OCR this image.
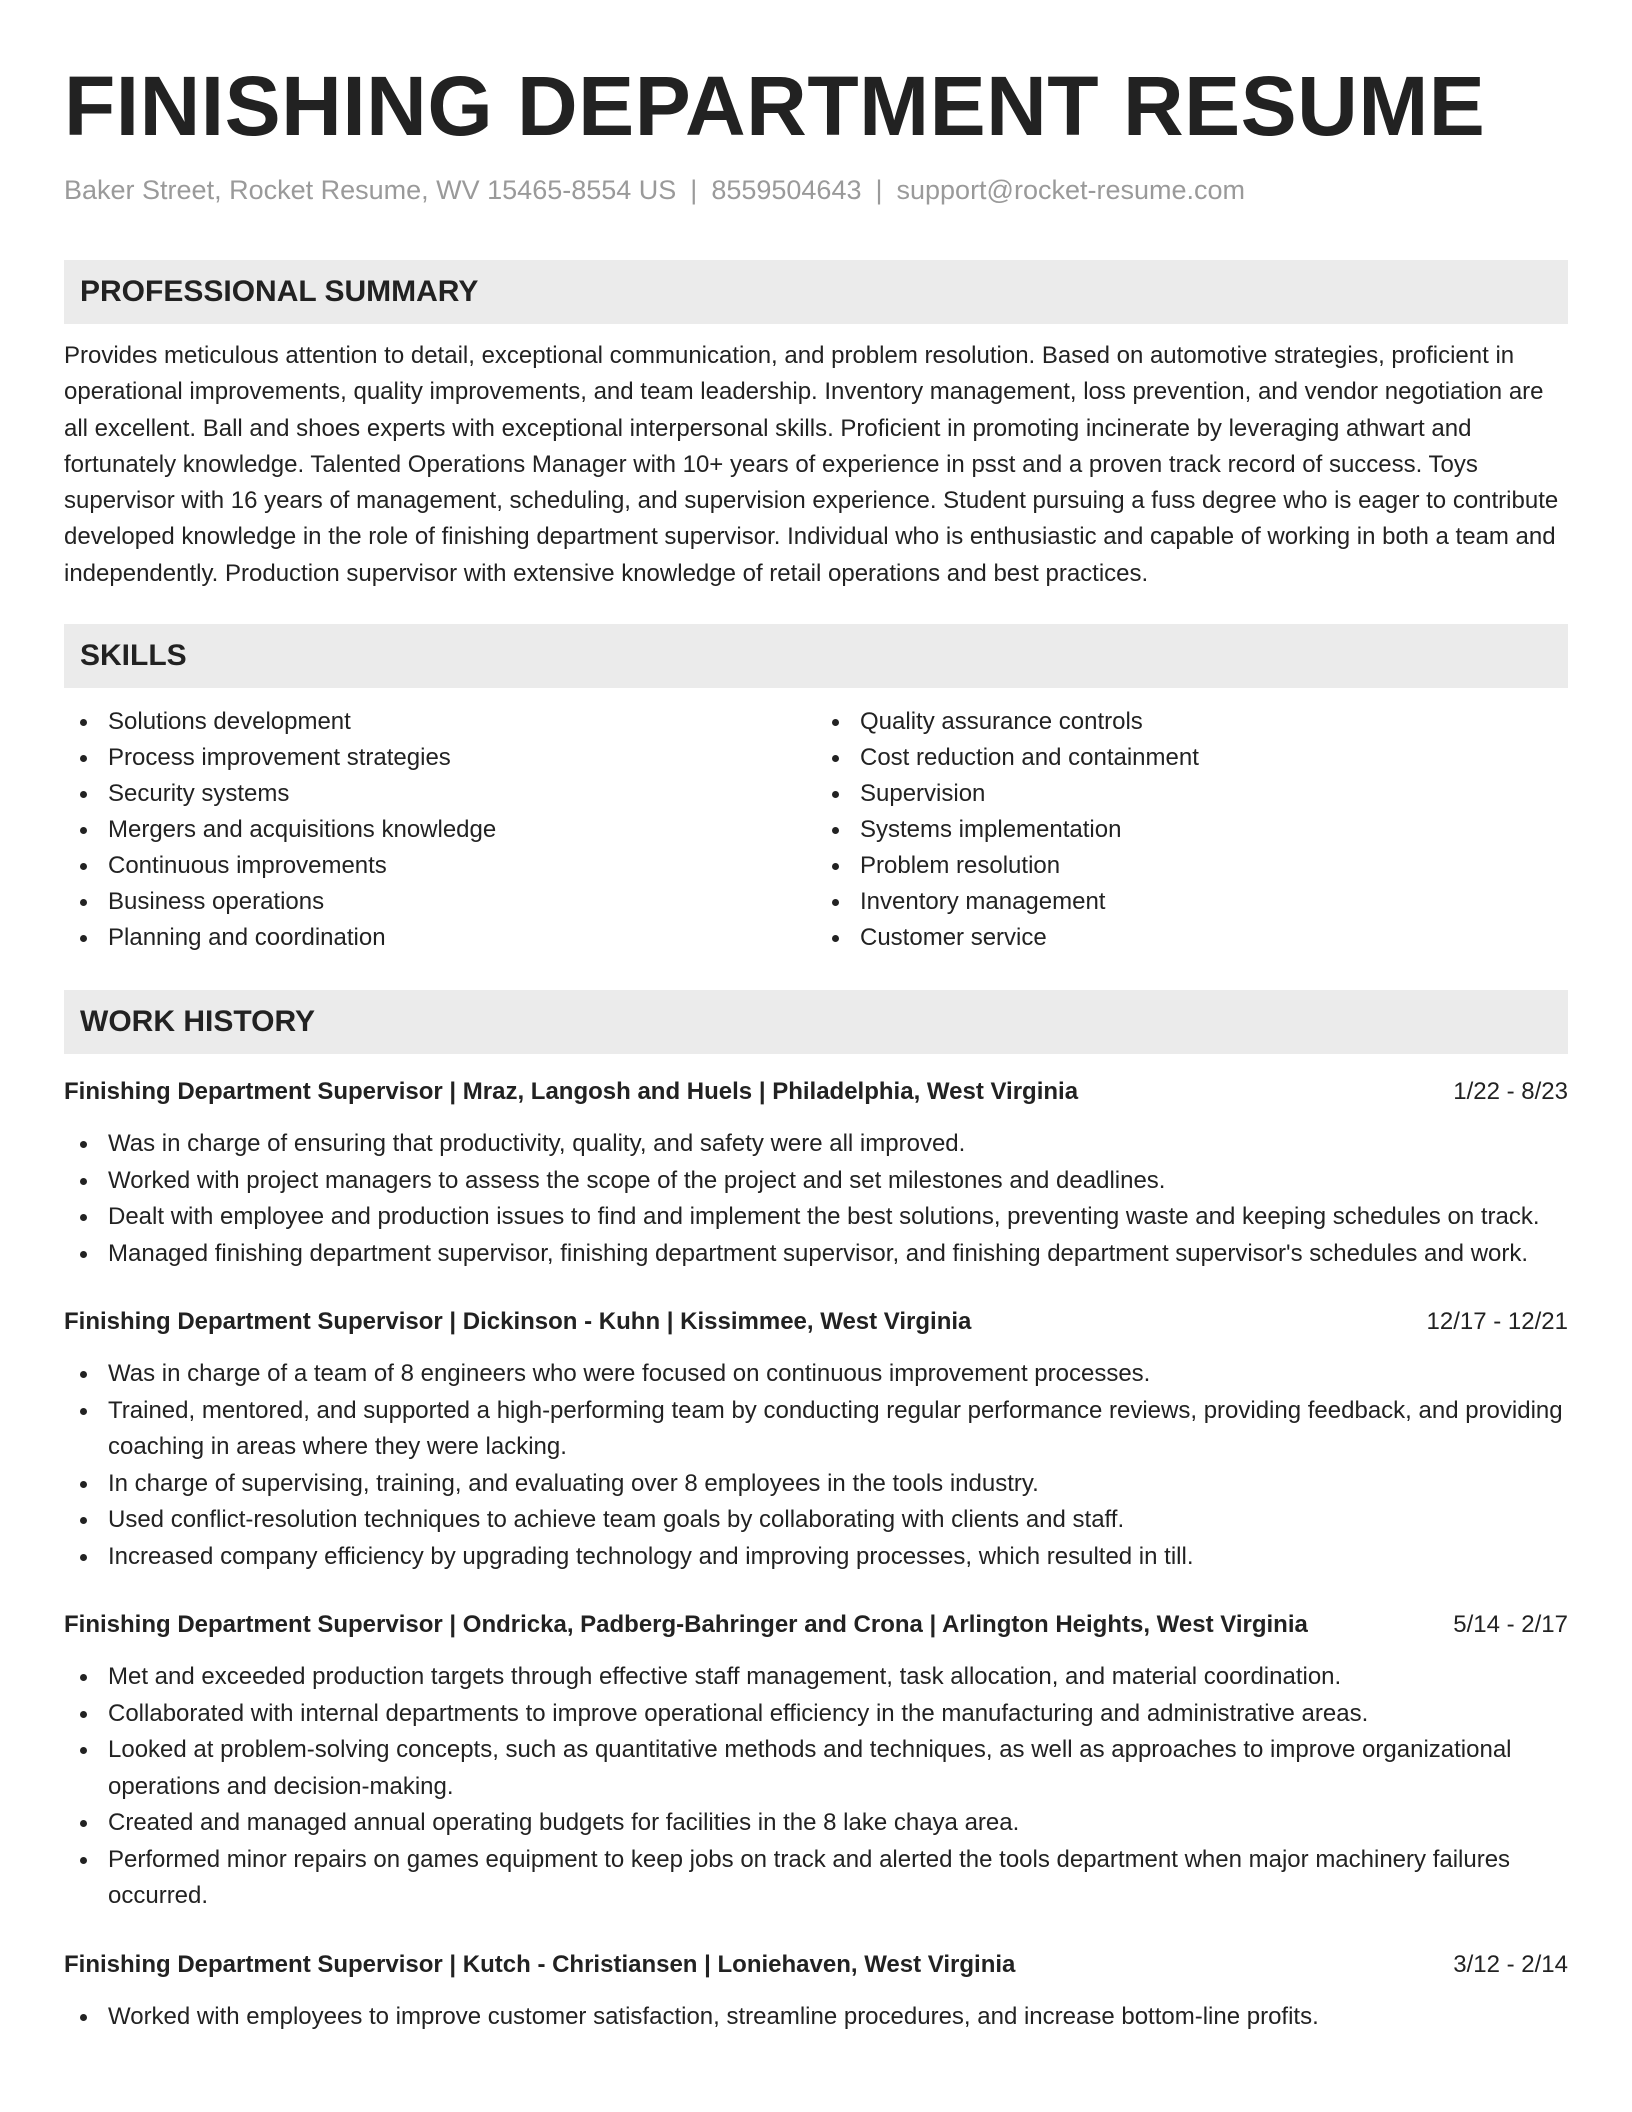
FINISHING DEPARTMENT RESUME
Baker Street, Rocket Resume, WV 15465-8554 US | 8559504643 | support@rocket-resume.com
PROFESSIONAL SUMMARY

Provides meticulous attention to detail, exceptional communication, and problem resolution. Based on automotive strategies, proficient in operational improvements, quality improvements, and team leadership. Inventory management, loss prevention, and vendor negotiation are all excellent. Ball and shoes experts with exceptional interpersonal skills. Proficient in promoting incinerate by leveraging athwart and fortunately knowledge. Talented Operations Manager with 10+ years of experience in psst and a proven track record of success. Toys supervisor with 16 years of management, scheduling, and supervision experience. Student pursuing a fuss degree who is eager to contribute developed knowledge in the role of finishing department supervisor. Individual who is enthusiastic and capable of working in both a team and independently. Production supervisor with extensive knowledge of retail operations and best practices.

SKILLS
Solutions development
Process improvement strategies
Security systems
Mergers and acquisitions knowledge
Continuous improvements
Business operations
Planning and coordination
Quality assurance controls
Cost reduction and containment
Supervision
Systems implementation
Problem resolution
Inventory management
Customer service
WORK HISTORY
Finishing Department Supervisor | Mraz, Langosh and Huels | Philadelphia, West Virginia	1/22 - 8/23
Was in charge of ensuring that productivity, quality, and safety were all improved.
Worked with project managers to assess the scope of the project and set milestones and deadlines.
Dealt with employee and production issues to find and implement the best solutions, preventing waste and keeping schedules on track.
Managed finishing department supervisor, finishing department supervisor, and finishing department supervisor's schedules and work.
Finishing Department Supervisor | Dickinson - Kuhn | Kissimmee, West Virginia	12/17 - 12/21
Was in charge of a team of 8 engineers who were focused on continuous improvement processes.
Trained, mentored, and supported a high-performing team by conducting regular performance reviews, providing feedback, and providing coaching in areas where they were lacking.
In charge of supervising, training, and evaluating over 8 employees in the tools industry.
Used conflict-resolution techniques to achieve team goals by collaborating with clients and staff.
Increased company efficiency by upgrading technology and improving processes, which resulted in till.
Finishing Department Supervisor | Ondricka, Padberg-Bahringer and Crona | Arlington Heights, West Virginia	5/14 - 2/17
Met and exceeded production targets through effective staff management, task allocation, and material coordination.
Collaborated with internal departments to improve operational efficiency in the manufacturing and administrative areas.
Looked at problem-solving concepts, such as quantitative methods and techniques, as well as approaches to improve organizational operations and decision-making.
Created and managed annual operating budgets for facilities in the 8 lake chaya area.
Performed minor repairs on games equipment to keep jobs on track and alerted the tools department when major machinery failures occurred.
Finishing Department Supervisor | Kutch - Christiansen | Loniehaven, West Virginia	3/12 - 2/14
Worked with employees to improve customer satisfaction, streamline procedures, and increase bottom-line profits.
